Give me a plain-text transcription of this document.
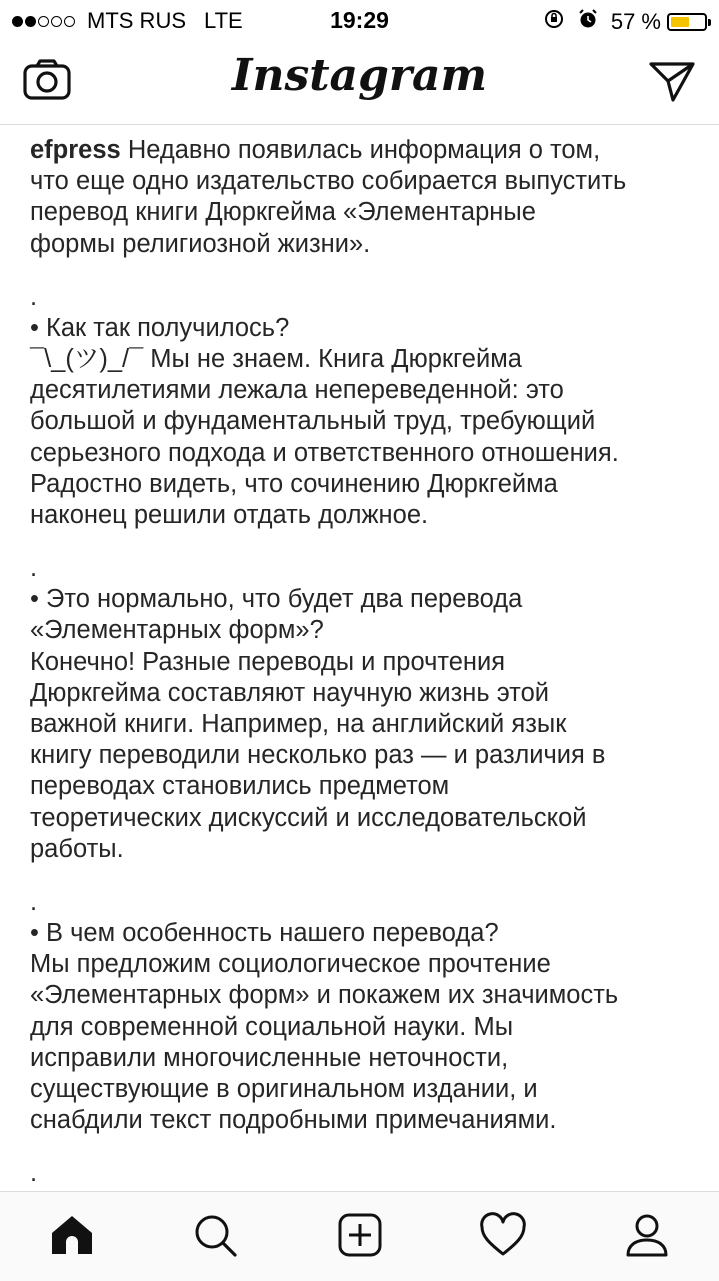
MTS RUS LTE	19:29	57 %
Instagram
efpress Недавно появилась информация о том,
что еще одно издательство собирается выпустить
перевод книги Дюркгейма «Элементарные
формы религиозной жизни».
.
• Как так получилось?
¯\_(ツ)_/¯ Мы не знаем. Книга Дюркгейма
десятилетиями лежала непереведенной: это
большой и фундаментальный труд, требующий
серьезного подхода и ответственного отношения.
Радостно видеть, что сочинению Дюркгейма
наконец решили отдать должное.
.
• Это нормально, что будет два перевода
«Элементарных форм»?
Конечно! Разные переводы и прочтения
Дюркгейма составляют научную жизнь этой
важной книги. Например, на английский язык
книгу переводили несколько раз — и различия в
переводах становились предметом
теоретических дискуссий и исследовательской
работы.
.
• В чем особенность нашего перевода?
Мы предложим социологическое прочтение
«Элементарных форм» и покажем их значимость
для современной социальной науки. Мы
исправили многочисленные неточности,
существующие в оригинальном издании, и
снабдили текст подробными примечаниями.
.
